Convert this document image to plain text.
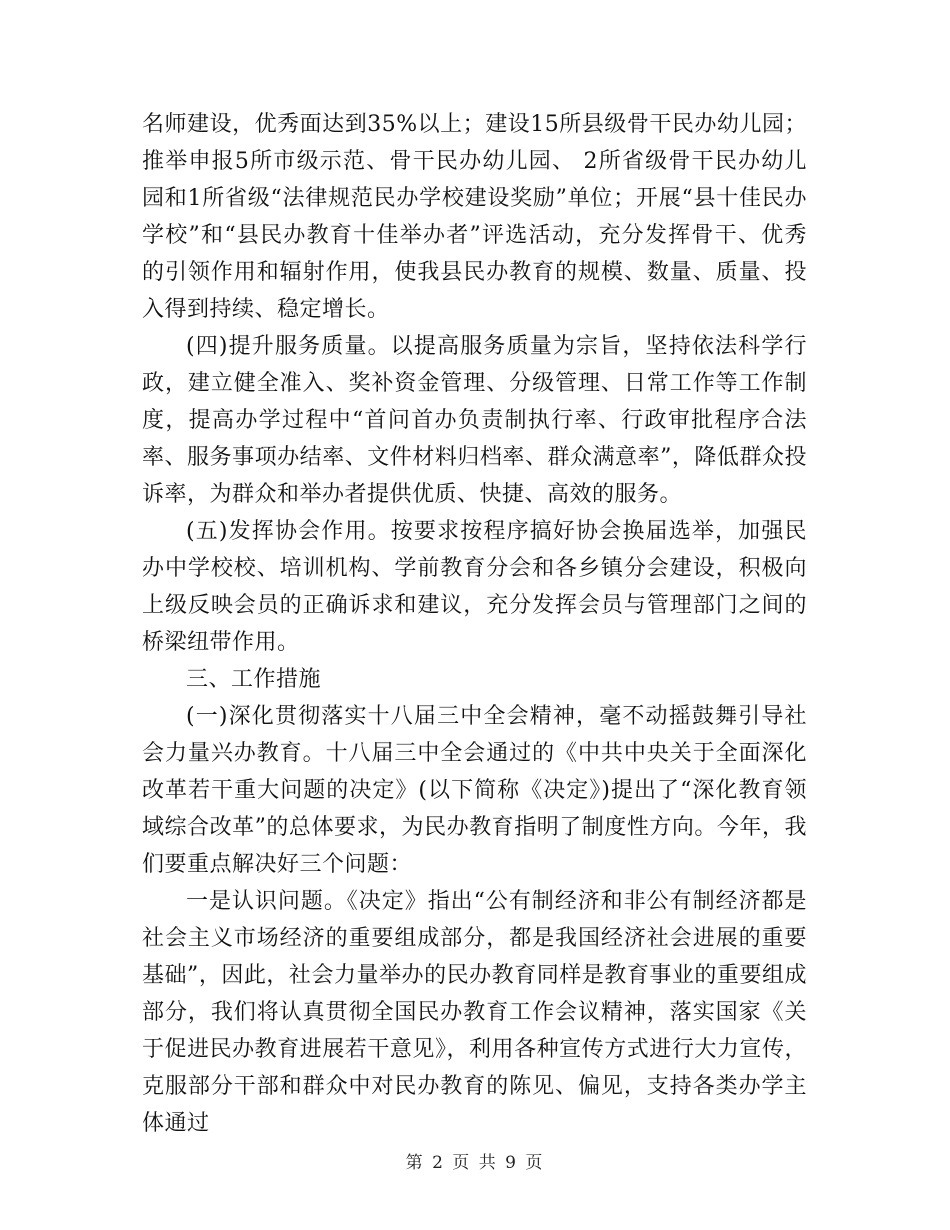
名师建设，优秀面达到35%以上；建设15所县级骨干民办幼儿园；推举申报5所市级示范、骨干民办幼儿园、 2所省级骨干民办幼儿园和1所省级“法律规范民办学校建设奖励”单位；开展“县十佳民办学校”和“县民办教育十佳举办者”评选活动，充分发挥骨干、优秀的引领作用和辐射作用，使我县民办教育的规模、数量、质量、投入得到持续、稳定增长。

(四)提升服务质量。以提高服务质量为宗旨，坚持依法科学行政，建立健全准入、奖补资金管理、分级管理、日常工作等工作制度，提高办学过程中“首问首办负责制执行率、行政审批程序合法率、服务事项办结率、文件材料归档率、群众满意率”，降低群众投诉率，为群众和举办者提供优质、快捷、高效的服务。

(五)发挥协会作用。按要求按程序搞好协会换届选举，加强民办中学校校、培训机构、学前教育分会和各乡镇分会建设，积极向上级反映会员的正确诉求和建议，充分发挥会员与管理部门之间的桥梁纽带作用。

三、工作措施

(一)深化贯彻落实十八届三中全会精神，毫不动摇鼓舞引导社会力量兴办教育。十八届三中全会通过的《中共中央关于全面深化改革若干重大问题的决定》(以下简称《决定》)提出了“深化教育领域综合改革”的总体要求，为民办教育指明了制度性方向。今年，我们要重点解决好三个问题：

一是认识问题。《决定》指出“公有制经济和非公有制经济都是社会主义市场经济的重要组成部分，都是我国经济社会进展的重要基础”，因此，社会力量举办的民办教育同样是教育事业的重要组成部分，我们将认真贯彻全国民办教育工作会议精神，落实国家《关于促进民办教育进展若干意见》，利用各种宣传方式进行大力宣传，克服部分干部和群众中对民办教育的陈见、偏见，支持各类办学主体通过

第 2 页 共 9 页
